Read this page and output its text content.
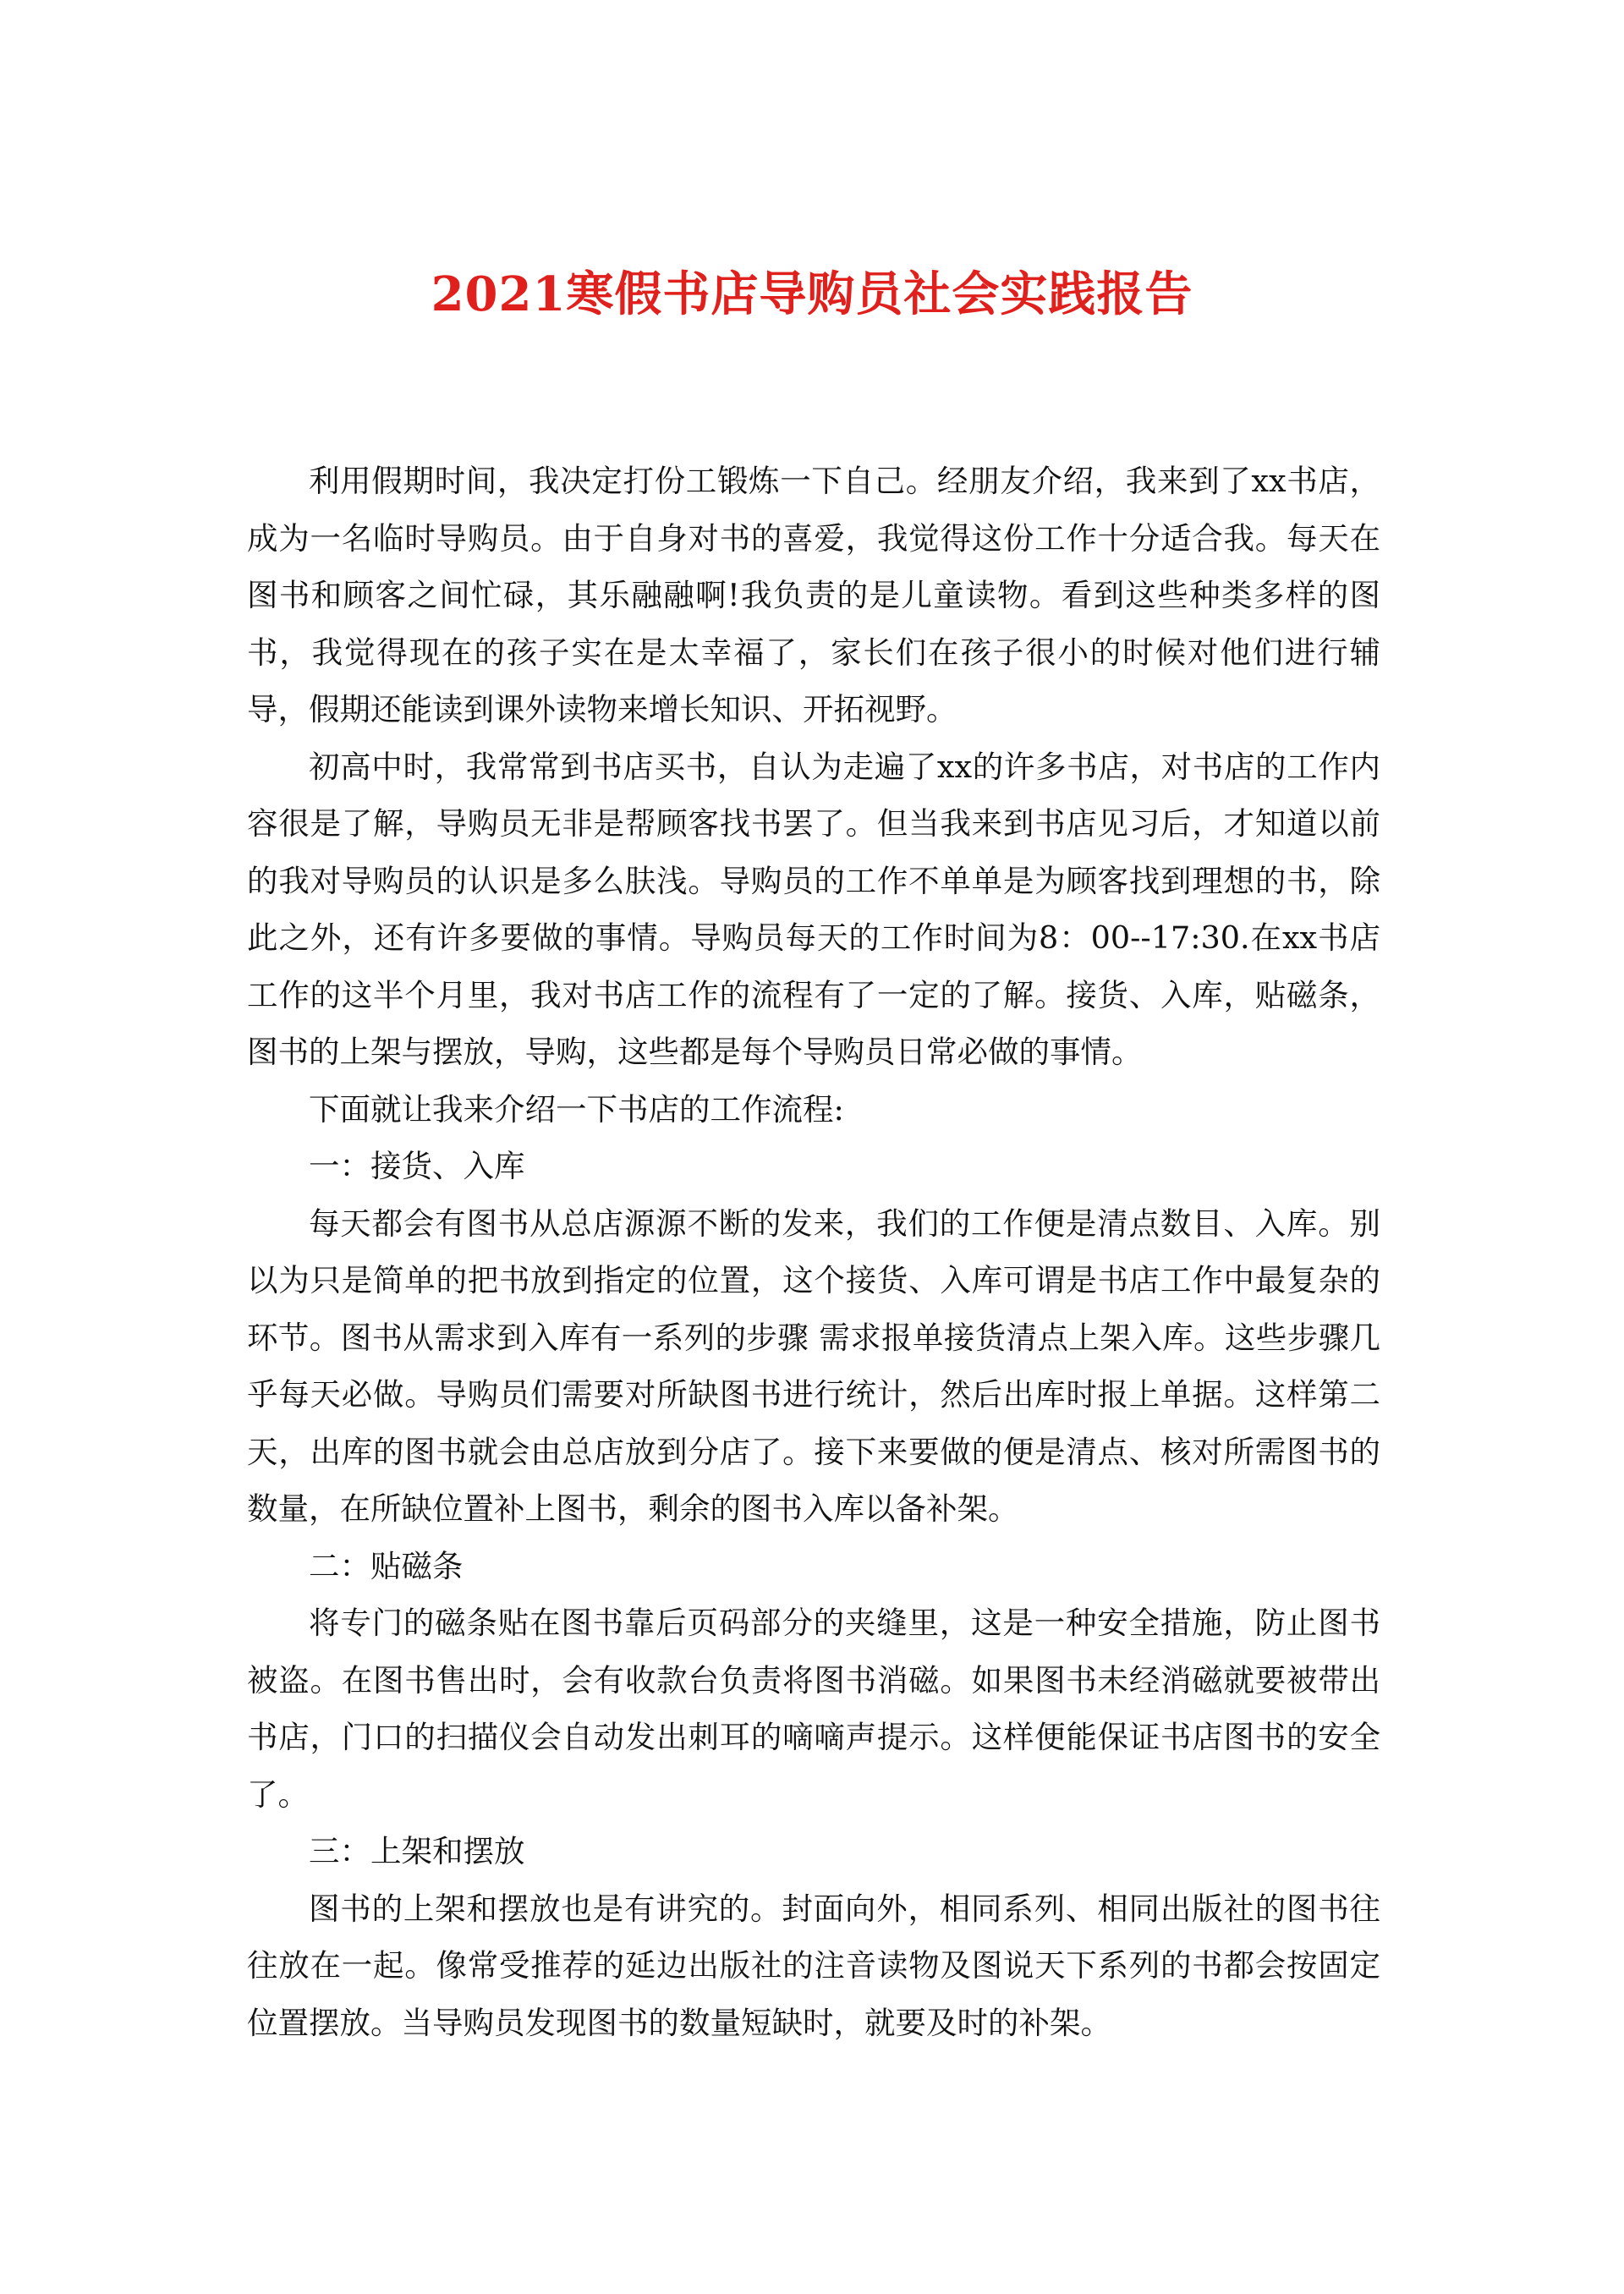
2021寒假书店导购员社会实践报告

利用假期时间，我决定打份工锻炼一下自己。经朋友介绍，我来到了xx书店，成为一名临时导购员。由于自身对书的喜爱，我觉得这份工作十分适合我。每天在图书和顾客之间忙碌，其乐融融啊!我负责的是儿童读物。看到这些种类多样的图书，我觉得现在的孩子实在是太幸福了，家长们在孩子很小的时候对他们进行辅导，假期还能读到课外读物来增长知识、开拓视野。

初高中时，我常常到书店买书，自认为走遍了xx的许多书店，对书店的工作内容很是了解，导购员无非是帮顾客找书罢了。但当我来到书店见习后，才知道以前的我对导购员的认识是多么肤浅。导购员的工作不单单是为顾客找到理想的书，除此之外，还有许多要做的事情。导购员每天的工作时间为8：00--17:30.在xx书店工作的这半个月里，我对书店工作的流程有了一定的了解。接货、入库，贴磁条，图书的上架与摆放，导购，这些都是每个导购员日常必做的事情。

下面就让我来介绍一下书店的工作流程:

一：接货、入库

每天都会有图书从总店源源不断的发来，我们的工作便是清点数目、入库。别以为只是简单的把书放到指定的位置，这个接货、入库可谓是书店工作中最复杂的环节。图书从需求到入库有一系列的步骤 需求报单接货清点上架入库。这些步骤几乎每天必做。导购员们需要对所缺图书进行统计，然后出库时报上单据。这样第二天，出库的图书就会由总店放到分店了。接下来要做的便是清点、核对所需图书的数量，在所缺位置补上图书，剩余的图书入库以备补架。

二：贴磁条

将专门的磁条贴在图书靠后页码部分的夹缝里，这是一种安全措施，防止图书被盗。在图书售出时，会有收款台负责将图书消磁。如果图书未经消磁就要被带出书店，门口的扫描仪会自动发出刺耳的嘀嘀声提示。这样便能保证书店图书的安全了。

三：上架和摆放

图书的上架和摆放也是有讲究的。封面向外，相同系列、相同出版社的图书往往放在一起。像常受推荐的延边出版社的注音读物及图说天下系列的书都会按固定位置摆放。当导购员发现图书的数量短缺时，就要及时的补架。
